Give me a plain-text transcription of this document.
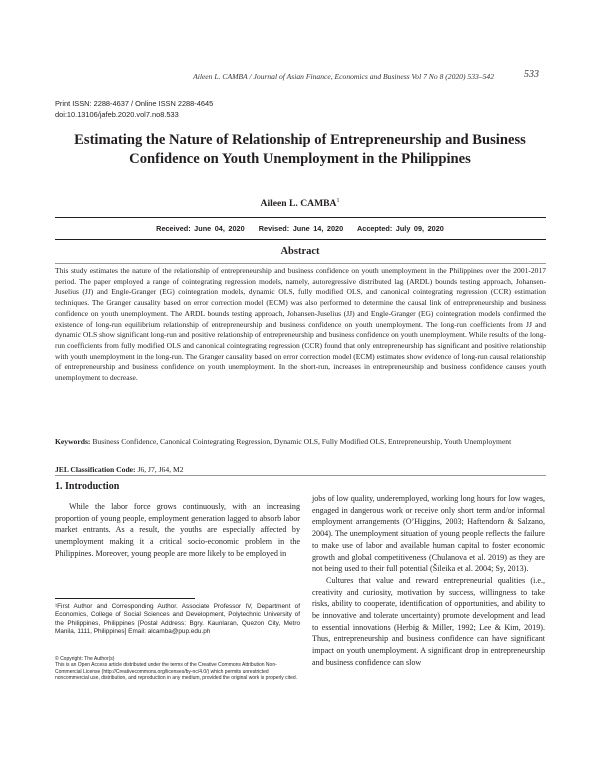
Aileen L. CAMBA / Journal of Asian Finance, Economics and Business Vol 7 No 8 (2020) 533–542	533
Print ISSN: 2288-4637 / Online ISSN 2288-4645
doi:10.13106/jafeb.2020.vol7.no8.533
Estimating the Nature of Relationship of Entrepreneurship and Business
Confidence on Youth Unemployment in the Philippines
Aileen L. CAMBA$^1$
Received: June 04, 2020    Revised: June 14, 2020    Accepted: July 09, 2020
Abstract
This study estimates the nature of the relationship of entrepreneurship and business confidence on youth unemployment in the Philippines over the 2001-2017 period. The paper employed a range of cointegrating regression models, namely, autoregressive distributed lag (ARDL) bounds testing approach, Johansen-Juselius (JJ) and Engle-Granger (EG) cointegration models, dynamic OLS, fully modified OLS, and canonical cointegrating regression (CCR) estimation techniques. The Granger causality based on error correction model (ECM) was also performed to determine the causal link of entrepreneurship and business confidence on youth unemployment. The ARDL bounds testing approach, Johansen-Juselius (JJ) and Engle-Granger (EG) cointegration models confirmed the existence of long-run equilibrium relationship of entrepreneurship and business confidence on youth unemployment. The long-run coefficients from JJ and dynamic OLS show significant long-run and positive relationship of entrepreneurship and business confidence on youth unemployment. While results of the long-run coefficients from fully modified OLS and canonical cointegrating regression (CCR) found that only entrepreneurship has significant and positive relationship with youth unemployment in the long-run. The Granger causality based on error correction model (ECM) estimates show evidence of long-run causal relationship of entrepreneurship and business confidence on youth unemployment. In the short-run, increases in entrepreneurship and business confidence causes youth unemployment to decrease.
Keywords: Business Confidence, Canonical Cointegrating Regression, Dynamic OLS, Fully Modified OLS, Entrepreneurship, Youth Unemployment
JEL Classification Code: J6, J7, J64, M2
1. Introduction

While the labor force grows continuously, with an increasing proportion of young people, employment generation lagged to absorb labor market entrants. As a result, the youths are especially affected by unemployment making it a critical socio-economic problem in the Philippines. Moreover, young people are more likely to be employed in

jobs of low quality, underemployed, working long hours for low wages, engaged in dangerous work or receive only short term and/or informal employment arrangements (O’Higgins, 2003; Haftendorn & Salzano, 2004). The unemployment situation of young people reflects the failure to make use of labor and available human capital to foster economic growth and global competitiveness (Chulanova et al. 2019) as they are not being used to their full potential (Šileika et al. 2004; Sy, 2013).

Cultures that value and reward entrepreneurial qualities (i.e., creativity and curiosity, motivation by success, willingness to take risks, ability to cooperate, identification of opportunities, and ability to be innovative and tolerate uncertainty) promote development and lead to essential innovations (Herbig & Miller, 1992; Lee & Kim, 2019). Thus, entrepreneurship and business confidence can have significant impact on youth unemployment. A significant drop in entrepreneurship and business confidence can slow

¹First Author and Corresponding Author. Associate Professor IV, Department of Economics, College of Social Sciences and Development, Polytechnic University of the Philippines, Philippines [Postal Address: Bgry. Kaunlaran, Quezon City, Metro Manila, 1111, Philippines] Email: alcamba@pup.edu.ph
© Copyright: The Author(s)
This is an Open Access article distributed under the terms of the Creative Commons Attribution Non-Commercial License (http://Creativecommons.org/licenses/by-nc/4.0/) which permits unrestricted noncommercial use, distribution, and reproduction in any medium, provided the original work is properly cited.
